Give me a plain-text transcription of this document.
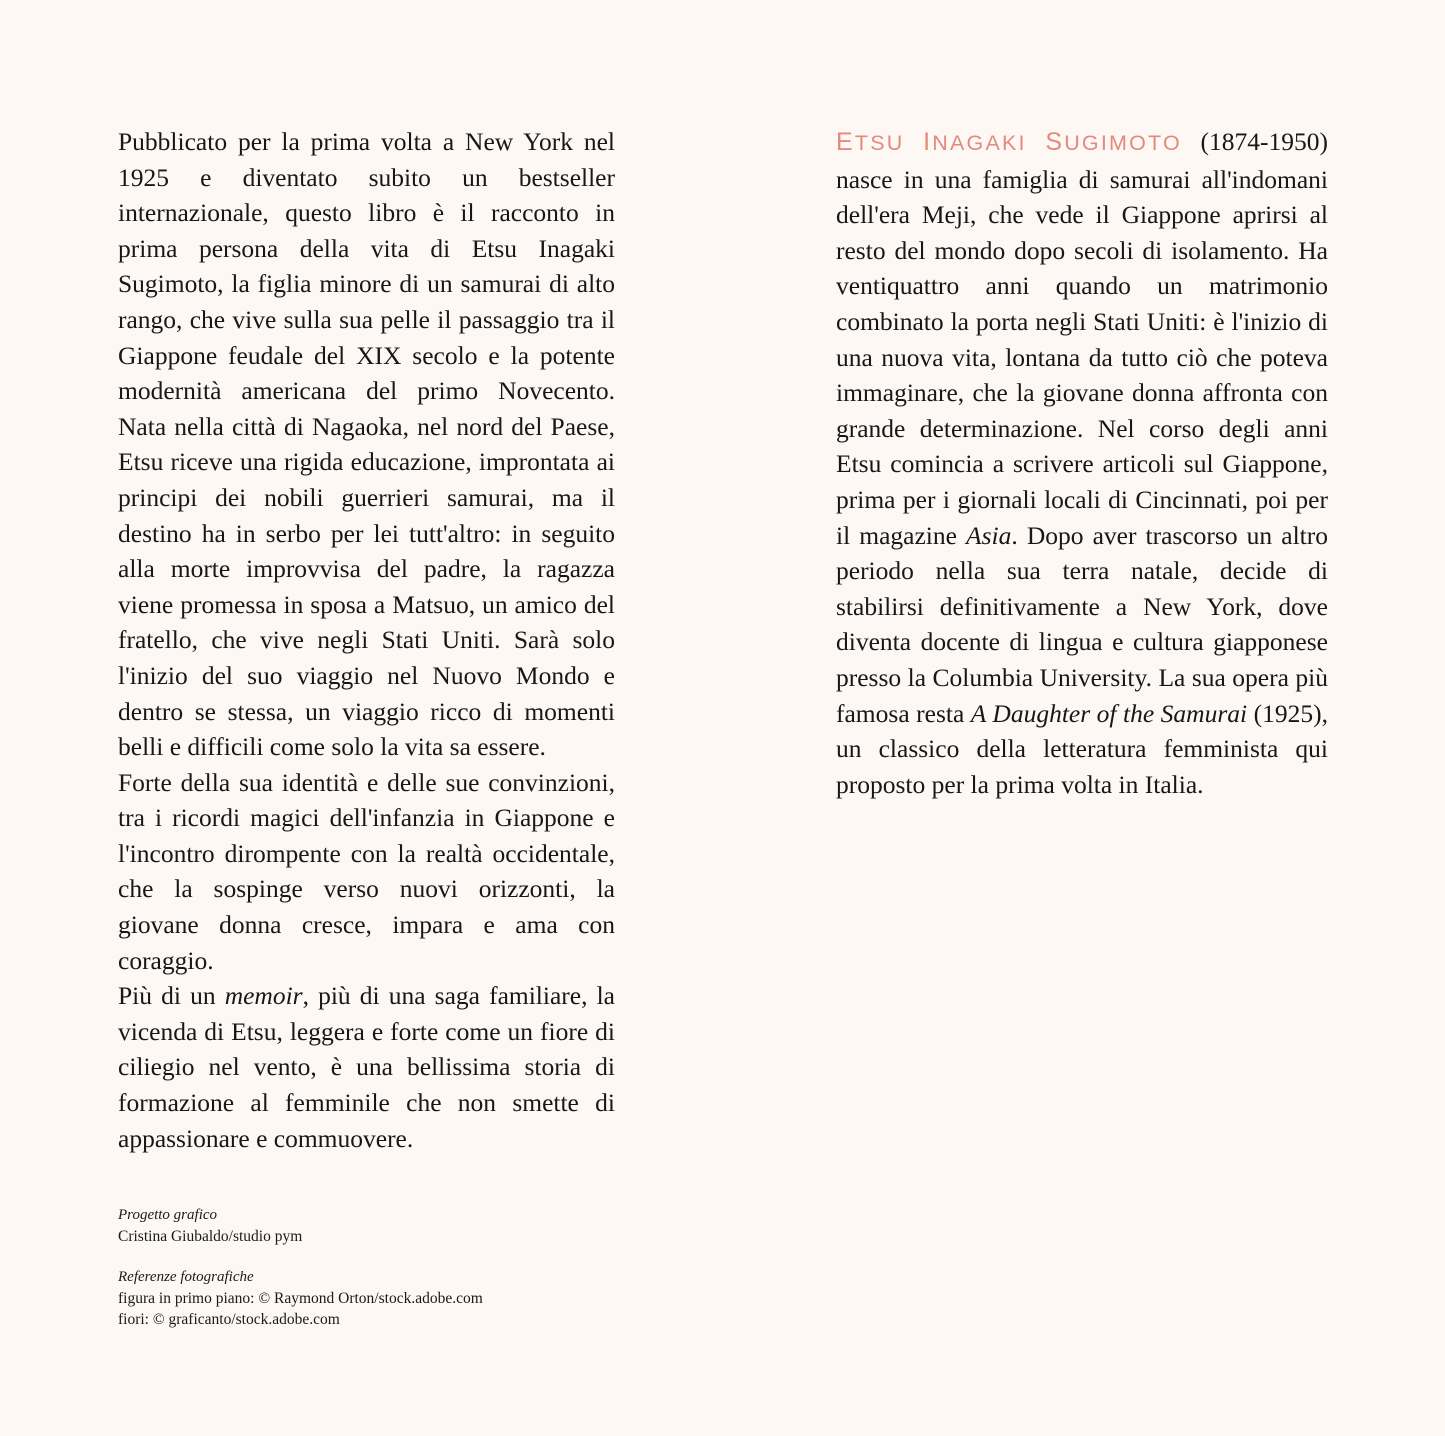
Pubblicato per la prima volta a New York nel 1925 e diventato subito un bestseller internazionale, questo libro è il racconto in prima persona della vita di Etsu Inagaki Sugimoto, la figlia minore di un samurai di alto rango, che vive sulla sua pelle il passaggio tra il Giappone feudale del XIX secolo e la potente modernità americana del primo Novecento. Nata nella città di Nagaoka, nel nord del Paese, Etsu riceve una rigida educazione, improntata ai principi dei nobili guerrieri samurai, ma il destino ha in serbo per lei tutt'altro: in seguito alla morte improvvisa del padre, la ragazza viene promessa in sposa a Matsuo, un amico del fratello, che vive negli Stati Uniti. Sarà solo l'inizio del suo viaggio nel Nuovo Mondo e dentro se stessa, un viaggio ricco di momenti belli e difficili come solo la vita sa essere.

Forte della sua identità e delle sue convinzioni, tra i ricordi magici dell'infanzia in Giappone e l'incontro dirompente con la realtà occidentale, che la sospinge verso nuovi orizzonti, la giovane donna cresce, impara e ama con coraggio.

Più di un memoir, più di una saga familiare, la vicenda di Etsu, leggera e forte come un fiore di ciliegio nel vento, è una bellissima storia di formazione al femminile che non smette di appassionare e commuovere.

ETSU INAGAKI SUGIMOTO (1874-1950) nasce in una famiglia di samurai all'indomani dell'era Meji, che vede il Giappone aprirsi al resto del mondo dopo secoli di isolamento. Ha ventiquattro anni quando un matrimonio combinato la porta negli Stati Uniti: è l'inizio di una nuova vita, lontana da tutto ciò che poteva immaginare, che la giovane donna affronta con grande determinazione. Nel corso degli anni Etsu comincia a scrivere articoli sul Giappone, prima per i giornali locali di Cincinnati, poi per il magazine Asia. Dopo aver trascorso un altro periodo nella sua terra natale, decide di stabilirsi definitivamente a New York, dove diventa docente di lingua e cultura giapponese presso la Columbia University. La sua opera più famosa resta A Daughter of the Samurai (1925), un classico della letteratura femminista qui proposto per la prima volta in Italia.

Progetto grafico
Cristina Giubaldo/studio pym
Referenze fotografiche
figura in primo piano: © Raymond Orton/stock.adobe.com
fiori: © graficanto/stock.adobe.com
